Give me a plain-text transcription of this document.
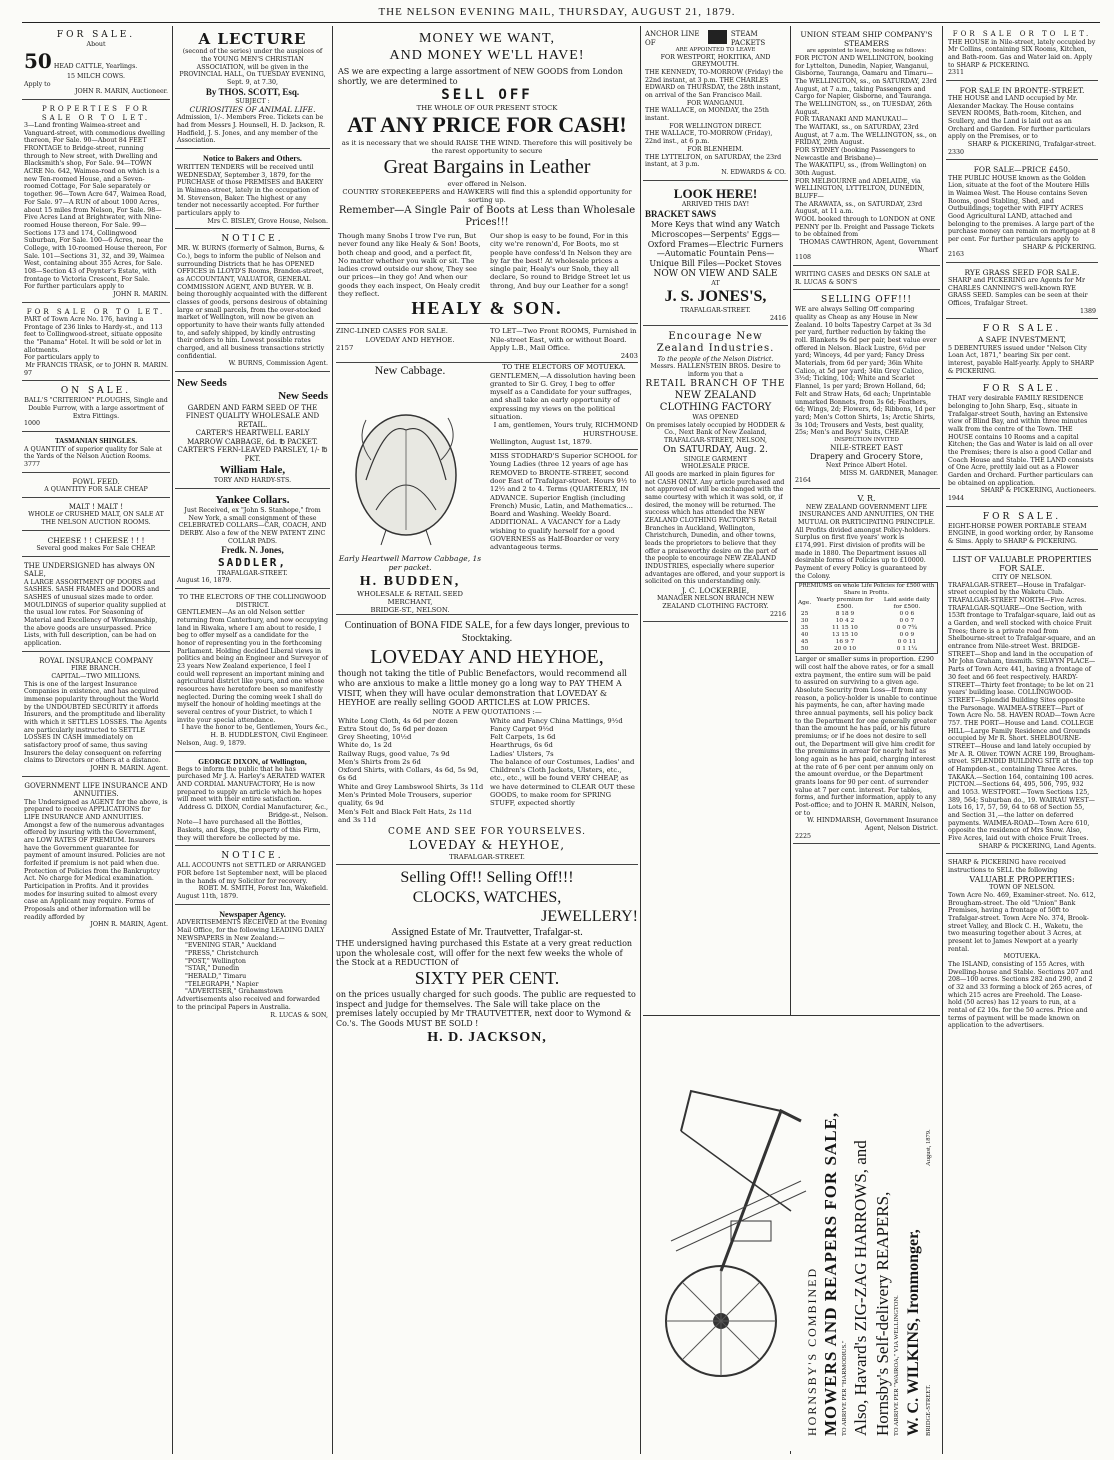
THE NELSON EVENING MAIL, THURSDAY, AUGUST 21, 1879.
FOR SALE.
About
50 HEAD CATTLE, Yearlings.
15 MILCH COWS.
Apply to
JOHN R. MARIN, Auctioneer.
PROPERTIES FOR SALE OR TO LET.
3—Land fronting Waimea-street and Vanguard-street, with commodious dwelling thereon, For Sale. 90—About 84 FEET FRONTAGE to Bridge-street, running through to New street, with Dwelling and Blacksmith's shop, For Sale. 94—TOWN ACRE No. 642, Waimea-road on which is a new Ten-roomed House, and a Seven-roomed Cottage, For Sale separately or together. 96—Town Acre 647, Waimea Road, For Sale. 97—A RUN of about 1000 Acres, about 15 miles from Nelson, For Sale. 98—Five Acres Land at Brightwater, with Nine-roomed House thereon, For Sale. 99—Sections 173 and 174, Collingwood Suburban, For Sale. 100—6 Acres, near the College, with 10-roomed House thereon, For Sale. 101—Sections 31, 32, and 39, Waimea West, containing about 355 Acres, for Sale. 108—Section 43 of Poynter's Estate, with frontage to Victoria Crescent, For Sale.
For further particulars apply to
JOHN R. MARIN.
FOR SALE OR TO LET.
PART of Town Acre No. 176, having a Frontage of 236 links to Hardy-st., and 113 feet to Collingwood-street, situate opposite the "Panama" Hotel. It will be sold or let in allotments.
For particulars apply to
Mr FRANCIS TRASK, or to JOHN R. MARIN.
97
ON SALE.
BALL'S "CRITERION" PLOUGHS, Single and Double Furrow, with a large assortment of Extra Fittings.
1000
TASMANIAN SHINGLES.
A QUANTITY of superior quality for Sale at the Yards of the Nelson Auction Rooms.
3777
FOWL FEED.
A QUANTITY FOR SALE CHEAP
MALT ! MALT !
WHOLE or CRUSHED MALT, ON SALE AT THE NELSON AUCTION ROOMS.
CHEESE ! ! CHEESE ! ! !
Several good makes For Sale CHEAP.
THE UNDERSIGNED has always ON SALE,
A LARGE ASSORTMENT OF DOORS and SASHES. SASH FRAMES and DOORS and SASHES of unusual sizes made to order. MOULDINGS of superior quality supplied at the usual low rates. For Seasoning of Material and Excellency of Workmanship, the above goods are unsurpassed. Price Lists, with full description, can be had on application.
ROYAL INSURANCE COMPANY
FIRE BRANCH.
CAPITAL—TWO MILLIONS.
This is one of the largest Insurance Companies in existence, and has acquired immense popularity throughout the World by the UNDOUBTED SECURITY it affords Insurers, and the promptitude and liberality with which it SETTLES LOSSES. The Agents are particularly instructed to SETTLE LOSSES IN CASH immediately on satisfactory proof of same, thus saving Insurers the delay consequent on referring claims to Directors or others at a distance.
JOHN R. MARIN. Agent.
GOVERNMENT LIFE INSURANCE AND ANNUITIES.
The Undersigned as AGENT for the above, is prepared to receive APPLICATIONS for LIFE INSURANCE AND ANNUITIES. Amongst a few of the numerous advantages offered by insuring with the Government, are LOW RATES OF PREMIUM. Insurers have the Government guarantee for payment of amount insured. Policies are not forfeited if premium is not paid when due. Protection of Policies from the Bankruptcy Act. No charge for Medical examination. Participation in Profits. And it provides modes for insuring suited to almost every case an Applicant may require. Forms of Proposals and other information will be readily afforded by
JOHN R. MARIN, Agent.
A LECTURE
(second of the series) under the auspices of the YOUNG MEN'S CHRISTIAN ASSOCIATION, will be given in the PROVINCIAL HALL, On TUESDAY EVENING, Sept. 9, at 7.30,
By THOS. SCOTT, Esq.
SUBJECT :
CURIOSITIES OF ANIMAL LIFE.
Admission, 1/-. Members Free. Tickets can be had from Messrs J. Hounsell, H. D. Jackson, R. Hadfield, J. S. Jones, and any member of the Association.
Notice to Bakers and Others.
WRITTEN TENDERS will be received until WEDNESDAY, September 3, 1879, for the PURCHASE of those PREMISES and BAKERY in Waimea-street, lately in the occupation of M. Stevenson, Baker. The highest or any tender not necessarily accepted. For further particulars apply to
Mrs C. BISLEY, Grove House, Nelson.
NOTICE.
MR. W. BURNS (formerly of Salmon, Burns, & Co.), begs to inform the public of Nelson and surrounding Districts that he has OPENED OFFICES in LLOYD'S Rooms, Brandon-street, as ACCOUNTANT, VALUATOR, GENERAL COMMISSION AGENT, AND BUYER. W. B. being thoroughly acquainted with the different classes of goods, persons desirous of obtaining large or small parcels, from the over-stocked market of Wellington, will now be given an opportunity to have their wants fully attended to, and safely shipped, by kindly entrusting their orders to him. Lowest possible rates charged, and all business transactions strictly confidential.
W. BURNS, Commission Agent.
New Seeds
New Seeds
GARDEN AND FARM SEED OF THE FINEST QUALITY WHOLESALE AND RETAIL.
CARTER'S HEARTWELL EARLY MARROW CABBAGE, 6d. ℔ PACKET.
CARTER'S FERN-LEAVED PARSLEY, 1/- ℔ PKT.
William Hale,
TORY AND HARDY-STS.
Yankee Collars.
Just Received, ex "John S. Stanhope," from New York, a small consignment of these CELEBRATED COLLARS—CAR, COACH, AND DERBY. Also a few of the NEW PATENT ZINC COLLAR PADS.
Fredk. N. Jones,
SADDLER,
TRAFALGAR-STREET.
August 16, 1879.
TO THE ELECTORS OF THE COLLINGWOOD DISTRICT.
GENTLEMEN—As an old Nelson settler returning from Canterbury, and now occupying land in Riwaka, where I am about to reside, I beg to offer myself as a candidate for the honor of representing you in the forthcoming Parliament. Holding decided Liberal views in politics and being an Engineer and Surveyor of 23 years New Zealand experience, I feel I could well represent an important mining and agricultural district like yours, and one whose resources have heretofore been so manifestly neglected. During the coming week I shall do myself the honour of holding meetings at the several centres of your District, to which I invite your special attendance.
I have the honor to be, Gentlemen, Yours &c., H. B. HUDDLESTON, Civil Engineer.
Nelson, Aug. 9, 1879.
GEORGE DIXON, of Wellington,
Begs to inform the public that he has purchased Mr J. A. Harley's AERATED WATER AND CORDIAL MANUFACTORY, He is now prepared to supply an article which he hopes will meet with their entire satisfaction.
Address G. DIXON, Cordial Manufacturer, &c., Bridge-st., Nelson.
Note—I have purchased all the Bottles, Baskets, and Kegs, the property of this Firm, they will therefore be collected by me.
NOTICE.
ALL ACCOUNTS not SETTLED or ARRANGED FOR before 1st September next, will be placed in the hands of my Solicitor for recovery.
ROBT. M. SMITH, Forest Inn, Wakefield.
August 11th, 1879.
Newspaper Agency.
ADVERTISEMENTS RECEIVED at the Evening Mail Office, for the following LEADING DAILY NEWSPAPERS in New Zealand:—
"EVENING STAR," Auckland
"PRESS," Christchurch
"POST," Wellington
"STAR," Dunedin
"HERALD," Timaru
"TELEGRAPH," Napier
"ADVERTISER," Grahamstown
Advertisements also received and forwarded to the principal Papers in Australia.
R. LUCAS & SON,
MONEY WE WANT,
AND MONEY WE'LL HAVE!
AS we are expecting a large assortment of NEW GOODS from London shortly, we are determined to
SELL OFF
THE WHOLE OF OUR PRESENT STOCK
AT ANY PRICE FOR CASH!
as it is necessary that we should RAISE THE WIND. Therefore this will positively be the rarest opportunity to secure
Great Bargains in Leather
ever offered in Nelson.
COUNTRY STOREKEEPERS and HAWKERS will find this a splendid opportunity for sorting up.
Remember—A Single Pair of Boots at Less than Wholesale Prices!!!
Though many Snobs I trow I've run, But never found any like Healy & Son! Boots, both cheap and good, and a perfect fit, No matter whether you walk or sit. The ladies crowd outside our show, They see our prices—in they go! And when our goods they each inspect, On Healy credit they reflect.
Our shop is easy to be found, For in this city we're renown'd, For Boots, mo st people have confess'd In Nelson they are by far the best! At wholesale prices a single pair, Healy's our Snob, they all declare, So round to Bridge Street let us throng, And buy our Leather for a song!
HEALY & SON.
ZINC-LINED CASES FOR SALE.
LOVEDAY AND HEYHOE.
2157
TO LET—Two Front ROOMS, Furnished in Nile-street East, with or without Board. Apply L.B., Mail Office.
2403
New Cabbage.
Early Heartwell Marrow Cabbage, 1s per packet.
H. BUDDEN,
WHOLESALE & RETAIL SEED MERCHANT,
BRIDGE-ST., NELSON.
TO THE ELECTORS OF MOTUEKA.
GENTLEMEN,—A dissolution having been granted to Sir G. Grey, I beg to offer myself as a Candidate for your suffrages, and shall take an early opportunity of expressing my views on the political situation.
I am, gentlemen, Yours truly, RICHMOND HURSTHOUSE.
Wellington, August 1st, 1879.
MISS STODHARD'S Superior SCHOOL for Young Ladies (three 12 years of age has REMOVED to BRONTE-STREET, second door East of Trafalgar-street. Hours 9½ to 12½ and 2 to 4. Terms (QUARTERLY, IN ADVANCE. Superior English (including French) Music, Latin, and Mathematics... Board and Washing. Weekly Board. ADDITIONAL. A VACANCY for a Lady wishing to qualify herself for a good GOVERNESS as Half-Boarder or very advantageous terms.
Continuation of BONA FIDE SALE, for a few days longer, previous to Stocktaking.
LOVEDAY AND HEYHOE,
though not taking the title of Public Benefactors, would recommend all who are anxious to make a little money go a long way to PAY THEM A VISIT, when they will have ocular demonstration that LOVEDAY & HEYHOE are really selling GOOD ARTICLES at LOW PRICES.
NOTE A FEW QUOTATIONS :—
White Long Cloth, 4s 6d per dozen
Extra Stout do, 5s 6d per dozen
Grey Sheeting, 10½d
White do, 1s 2d
Railway Rugs, good value, 7s 9d
Men's Shirts from 2s 6d
Oxford Shirts, with Collars, 4s 6d, 5s 9d, 6s 6d
White and Grey Lambswool Shirts, 3s 11d
Men's Printed Mole Trousers, superior quality, 6s 9d
Men's Felt and Black Felt Hats, 2s 11d and 3s 11d
White and Fancy China Mattings, 9½d
Fancy Carpet 9½d
Felt Carpets, 1s 6d
Hearthrugs, 6s 6d
Ladies' Ulsters, 7s
The balance of our Costumes, Ladies' and Children's Cloth Jackets, Ulsters, etc., etc., etc., will be found VERY CHEAP, as we have determined to CLEAR OUT these GOODS, to make room for SPRING STUFF, expected shortly
COME AND SEE FOR YOURSELVES.
LOVEDAY & HEYHOE,
TRAFALGAR-STREET.
Selling Off!! Selling Off!!!
CLOCKS, WATCHES,
JEWELLERY!
Assigned Estate of Mr. Trautvetter, Trafalgar-st.
THE undersigned having purchased this Estate at a very great reduction upon the wholesale cost, will offer for the next few weeks the whole of the Stock at a REDUCTION of
SIXTY PER CENT.
on the prices usually charged for such goods. The public are requested to inspect and judge for themselves. The Sale will take place on the premises lately occupied by Mr TRAUTVETTER, next door to Wymond & Co.'s. The Goods MUST BE SOLD !
H. D. JACKSON,
ANCHOR LINE OF
STEAM PACKETS
ARE APPOINTED TO LEAVE
FOR WESTPORT, HOKITIKA, AND GREYMOUTH.
THE KENNEDY, TO-MORROW (Friday) the 22nd instant, at 3 p.m. THE CHARLES EDWARD on THURSDAY, the 28th instant, on arrival of the San Francisco Mail.
FOR WANGANUI.
THE WALLACE, on MONDAY, the 25th instant.
FOR WELLINGTON DIRECT.
THE WALLACE, TO-MORROW (Friday), 22nd inst., at 6 p.m.
FOR BLENHEIM.
THE LYTTELTON, on SATURDAY, the 23rd instant, at 3 p.m.
N. EDWARDS & CO.
LOOK HERE!
ARRIVED THIS DAY!
BRACKET SAWS
More Keys that wind any Watch
Microscopes—Serpents' Eggs—Oxford Frames—Electric Furners—Automatic Fountain Pens—Unique Bill Files—Pocket Stoves
NOW ON VIEW AND SALE
AT
J. S. JONES'S,
TRAFALGAR-STREET.
2416
Encourage New Zealand Industries.
To the people of the Nelson District.
Messrs. HALLENSTEIN BROS. Desire to inform you that a
RETAIL BRANCH OF THE
NEW ZEALAND CLOTHING FACTORY
WAS OPENED
On premises lately occupied by HODDER & Co., Next Bank of New Zealand, TRAFALGAR-STREET, NELSON,
On SATURDAY, Aug. 2.
SINGLE GARMENT
WHOLESALE PRICE.
All goods are marked in plain figures for net CASH ONLY. Any article purchased and not approved of will be exchanged with the same courtesy with which it was sold, or, if desired, the money will be returned. The success which has attended the NEW ZEALAND CLOTHING FACTORY'S Retail Branches in Auckland, Wellington, Christchurch, Dunedin, and other towns, leads the proprietors to believe that they offer a praiseworthy desire on the part of the people to encourage NEW ZEALAND INDUSTRIES, especially where superior advantages are offered, and your support is solicited on this understanding only.
J. C. LOCKERBIE,
MANAGER NELSON BRANCH NEW ZEALAND CLOTHING FACTORY.
2216
UNION STEAM SHIP COMPANY'S STEAMERS
are appointed to leave, booking as follows:
FOR PICTON AND WELLINGTON, booking for Lyttelton, Dunedin, Napier, Wanganui, Gisborne, Tauranga, Oamaru and Timaru—
The WELLINGTON, ss., on SATURDAY, 23rd August, at 7 a.m., taking Passengers and Cargo for Napier, Gisborne, and Tauranga. The WELLINGTON, ss., on TUESDAY, 26th August.
FOR TARANAKI AND MANUKAU—
The WAITAKI, ss., on SATURDAY, 23rd August, at 7 a.m. The WELLINGTON, ss., on FRIDAY, 29th August.
FOR SYDNEY (booking Passengers to Newcastle and Brisbane)—
The WAKATIPU, ss., (from Wellington) on 30th August.
FOR MELBOURNE and ADELAIDE, via WELLINGTON, LYTTELTON, DUNEDIN, BLUFF—
The ARAWATA, ss., on SATURDAY, 23rd August, at 11 a.m.
WOOL booked through to LONDON at ONE PENNY per lb. Freight and Passage Tickets to be obtained from
THOMAS CAWTHRON, Agent, Government Wharf
1108
WRITING CASES and DESKS ON SALE at R. LUCAS & SON'S
SELLING OFF!!!
WE are always Selling Off comparing quality as Cheap as any House in New Zealand. 10 bolts Tapestry Carpet at 3s 3d per yard, further reduction by taking the roll. Blankets 9s 6d per pair, best value ever offered in Nelson. Black Lustre, 6½d per yard; Winceys, 4d per yard; Fancy Dress Materials, from 6d per yard; 36in White Calico, at 5d per yard; 34in Grey Calico, 3½d; Ticking, 10d; White and Scarlet Flannel, 1s per yard; Brown Holland, 6d; Felt and Straw Hats, 6d each; Unprintable unmarked Bonnets, from 3s 6d; Feathers, 6d; Wings, 2d; Flowers, 6d; Ribbons, 1d per yard; Men's Cotton Shirts, 1s; Arctic Shirts, 3s 10d; Trousers and Vests, best quality, 25s; Men's and Boys' Suits, CHEAP.
INSPECTION INVITED
NILE-STREET EAST
Drapery and Grocery Store,
Next Prince Albert Hotel.
MISS M. GARDNER, Manager.
2164
V. R.
NEW ZEALAND GOVERNMENT LIFE INSURANCES AND ANNUITIES, ON THE MUTUAL OR PARTICIPATING PRINCIPLE.
All Profits divided amongst Policy-holders. Surplus on first five years' work is £174,991. First division of profits will be made in 1880. The Department issues all desirable forms of Policies up to £10000. Payment of every Policy is guaranteed by the Colony.
PREMIUMS on whole Life Policies for £500 with Share in Profits.
Age.	Yearly premium for £500.	Laid aside daily for £500.
25	8 18 9	0 0 6
30	10 4 2	0 0 7
35	11 15 10	0 0 7¾
40	13 15 10	0 0 9
45	16 9 7	0 0 11
50	20 0 10	0 1 1¼
Larger or smaller sums in proportion. £290 will cost half the above rates, or for a small extra payment, the entire sum will be paid to assured on surviving to a given age. Absolute Security from Loss—If from any reason, a policy-holder is unable to continue his payments, he can, after having made three annual payments, sell his policy back to the Department for one generally greater than the amount he has paid, or his future premiums; or if he does not desire to sell out, the Department will give him credit for the premiums in arrear for nearly half as long again as he has paid, charging interest at the rate of 6 per cent per annum only on the amount overdue, or the Department grants loans for 90 per cent. of surrender value at 7 per cent. interest. For tables, forms, and further information, apply to any Post-office; and to JOHN R. MARIN, Nelson, or to
W. HINDMARSH, Government Insurance Agent, Nelson District.
2225
MOWERS AND REAPERS FOR SALE,
HORNSBY'S COMBINED	TO ARRIVE PER "HARMODIUS." Also, Havard's ZIG-ZAG HARROWS, and Hornsby's Self-delivery REAPERS, TO ARRIVE PER "WAIROA," VIA WELLINGTON. W. C. WILKINS, Ironmonger, BRIDGE-STREET.
August, 1879.
FOR SALE OR TO LET.
THE HOUSE in Nile-street, lately occupied by Mr Collins, containing SIX Rooms, Kitchen, and Bath-room. Gas and Water laid on. Apply to SHARP & PICKERING.
2311
FOR SALE IN BRONTE-STREET.
THE HOUSE and LAND occupied by Mr. Alexander Mackay. The House contains SEVEN ROOMS, Bath-room, Kitchen, and Scullery, and the Land is laid out as an Orchard and Garden. For further particulars apply on the Premises, or to
SHARP & PICKERING, Trafalgar-street.
2330
FOR SALE—PRICE £450.
THE PUBLIC HOUSE known as the Golden Lion, situate at the foot of the Moutere Hills in Waimea West. The House contains Seven Rooms, good Stabling, Shed, and Outbuildings; together with FIFTY ACRES Good Agricultural LAND, attached and belonging to the premises. A large part of the purchase money can remain on mortgage at 8 per cent. For further particulars apply to
SHARP & PICKERING.
2163
RYE GRASS SEED FOR SALE.
SHARP and PICKERING are Agents for Mr CHARLES CANNING'S well-known RYE GRASS SEED. Samples can be seen at their Offices, Trafalgar Street.
1389
FOR SALE.
A SAFE INVESTMENT,
5 DEBENTURES issued under "Nelson City Loan Act, 1871," bearing Six per cent. interest, payable Half-yearly. Apply to SHARP & PICKERING.
FOR SALE.
THAT very desirable FAMILY RESIDENCE belonging to John Sharp, Esq., situate in Trafalgar-street South, having an Extensive view of Blind Bay, and within three minutes walk from the centre of the Town. THE HOUSE contains 10 Rooms and a capital Kitchen; the Gas and Water is laid on all over the Premises; there is also a good Cellar and Coach House and Stable. THE LAND consists of One Acre, prettily laid out as a Flower Garden and Orchard. Further particulars can be obtained on application.
SHARP & PICKERING, Auctioneers.
1944
FOR SALE.
EIGHT-HORSE POWER PORTABLE STEAM ENGINE, in good working order, by Ransome & Sims. Apply to SHARP & PICKERING.
LIST OF VALUABLE PROPERTIES FOR SALE.
CITY OF NELSON.
TRAFALGAR-STREET—House in Trafalgar-street occupied by the Waketu Club. TRAFALGAR-STREET NORTH—Five Acres. TRAFALGAR-SQUARE—One Section, with 153ft frontage to Trafalgar-square, laid out as a Garden, and well stocked with choice Fruit Trees; there is a private road from Shelbourne-street to Trafalgar-square, and an entrance from Nile-street West. BRIDGE-STREET—Shop and land in the occupation of Mr John Graham, tinsmith. SELWYN PLACE—Parts of Town Acre 441, having a frontage of 30 feet and 66 feet respectively. HARDY-STREET—Thirty feet frontage; to be let on 21 years' building lease. COLLINGWOOD-STREET—Splendid Building Sites opposite the Parsonage. WAIMEA-STREET—Part of Town Acre No. 58. HAVEN ROAD—Town Acre 757. THE PORT—House and Land. COLLEGE HILL—Large Family Residence and Grounds occupied by Mr R. Short. SHELBOURNE-STREET—House and land lately occupied by Mr A. R. Oliver. TOWN ACRE 199, Brougham-street. SPLENDID BUILDING SITE at the top of Hampden-st., containing Three Acres.
TAKAKA.—Section 164, containing 100 acres. PICTON.—Sections 64, 495, 506, 795, 932 and 1053. WESTPORT.—Town Sections 125, 389, 564; Suburban do., 19. WAIRAU WEST—Lots 16, 17, 57, 59, 64 to 68 of Section 55, and Section 31,—the latter on deferred payments. WAIMEA-ROAD—Town Acre 610, opposite the residence of Mrs Snow. Also, Five Acres, laid out with choice Fruit Trees.
SHARP & PICKERING, Land Agents.
SHARP & PICKERING have received instructions to SELL the following
VALUABLE PROPERTIES:
TOWN OF NELSON.
Town Acre No. 469, Examiner-street. No. 612, Brougham-street. The old "Union" Bank Premises, having a frontage of 50ft to Trafalgar-street. Town Acre No. 374, Brook-street Valley, and Block C. H., Waketu, the two measuring together about 3 Acres, at present let to James Newport at a yearly rental.
MOTUEKA.
The ISLAND, consisting of 155 Acres, with Dwelling-house and Stable. Sections 207 and 208—100 acres. Sections 282 and 290, and 2 of 32 and 33 forming a block of 265 acres, of which 215 acres are Freehold. The Lease-hold (50 acres) has 12 years to run, at a rental of £2 10s. for the 50 acres. Price and terms of payment will be made known on application to the advertisers.
